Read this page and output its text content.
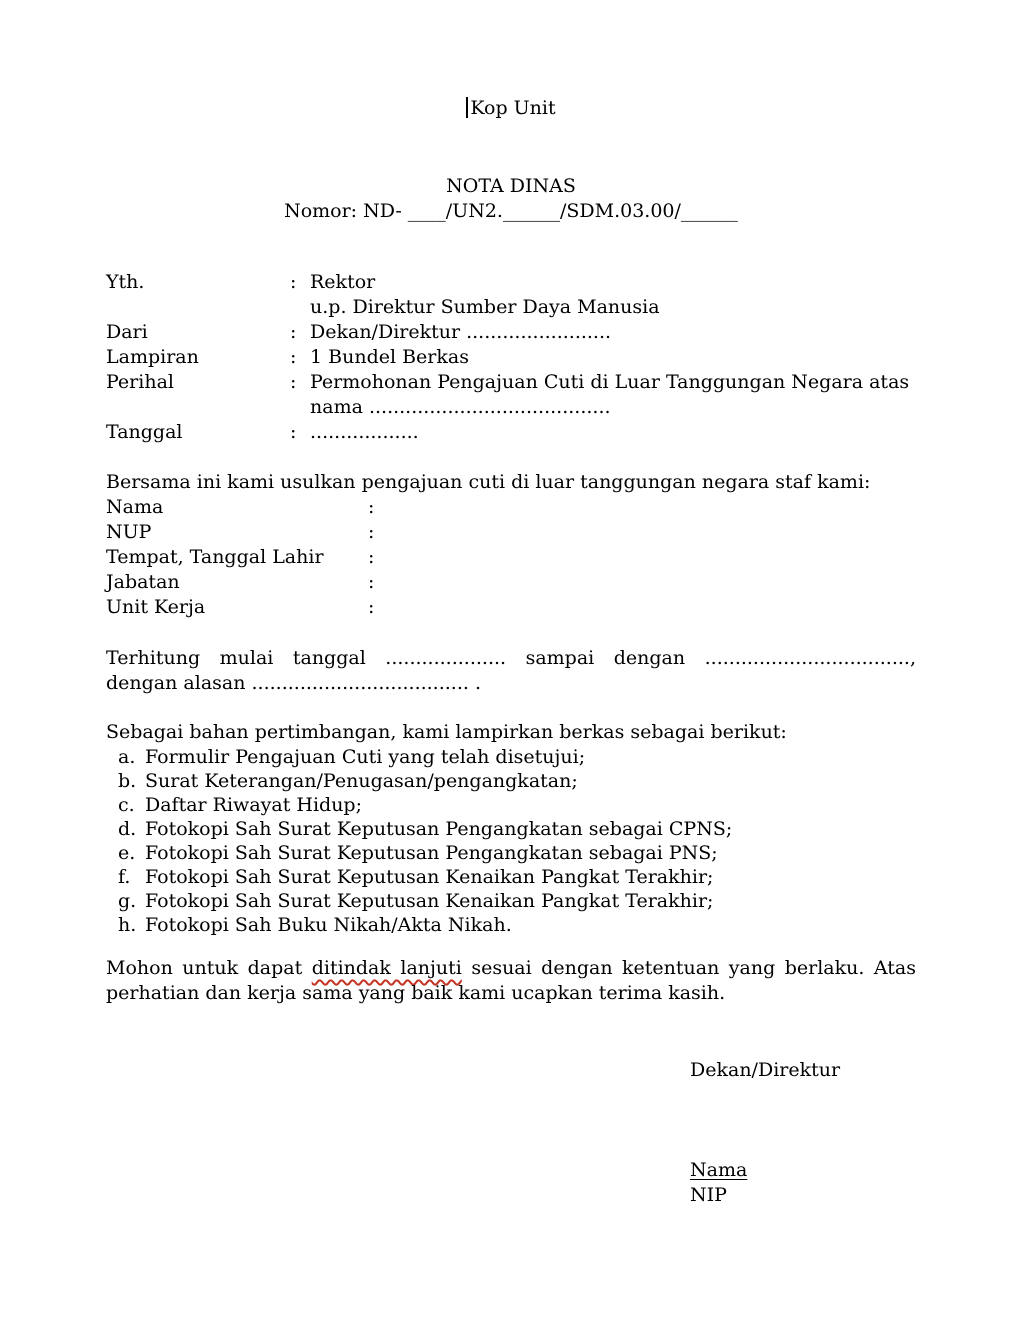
Kop Unit
NOTA DINAS
Nomor: ND- ____/UN2.______/SDM.03.00/______
Yth.	: Rektor
u.p. Direktur Sumber Daya Manusia
Dari	: Dekan/Direktur ........................
Lampiran	: 1 Bundel Berkas
Perihal	: Permohonan Pengajuan Cuti di Luar Tanggungan Negara atas
nama ........................................
Tanggal	: ..................
Bersama ini kami usulkan pengajuan cuti di luar tanggungan negara staf kami:
Nama	:
NUP	:
Tempat, Tanggal Lahir	:
Jabatan	:
Unit Kerja	:
Terhitung mulai tanggal .................... sampai dengan ..................................,
dengan alasan .................................... .
Sebagai bahan pertimbangan, kami lampirkan berkas sebagai berikut:
a. Formulir Pengajuan Cuti yang telah disetujui;
b. Surat Keterangan/Penugasan/pengangkatan;
c. Daftar Riwayat Hidup;
d. Fotokopi Sah Surat Keputusan Pengangkatan sebagai CPNS;
e. Fotokopi Sah Surat Keputusan Pengangkatan sebagai PNS;
f. Fotokopi Sah Surat Keputusan Kenaikan Pangkat Terakhir;
g. Fotokopi Sah Surat Keputusan Kenaikan Pangkat Terakhir;
h. Fotokopi Sah Buku Nikah/Akta Nikah.
Mohon untuk dapat ditindak lanjuti sesuai dengan ketentuan yang berlaku. Atas
perhatian dan kerja sama yang baik kami ucapkan terima kasih.
Dekan/Direktur
Nama
NIP
